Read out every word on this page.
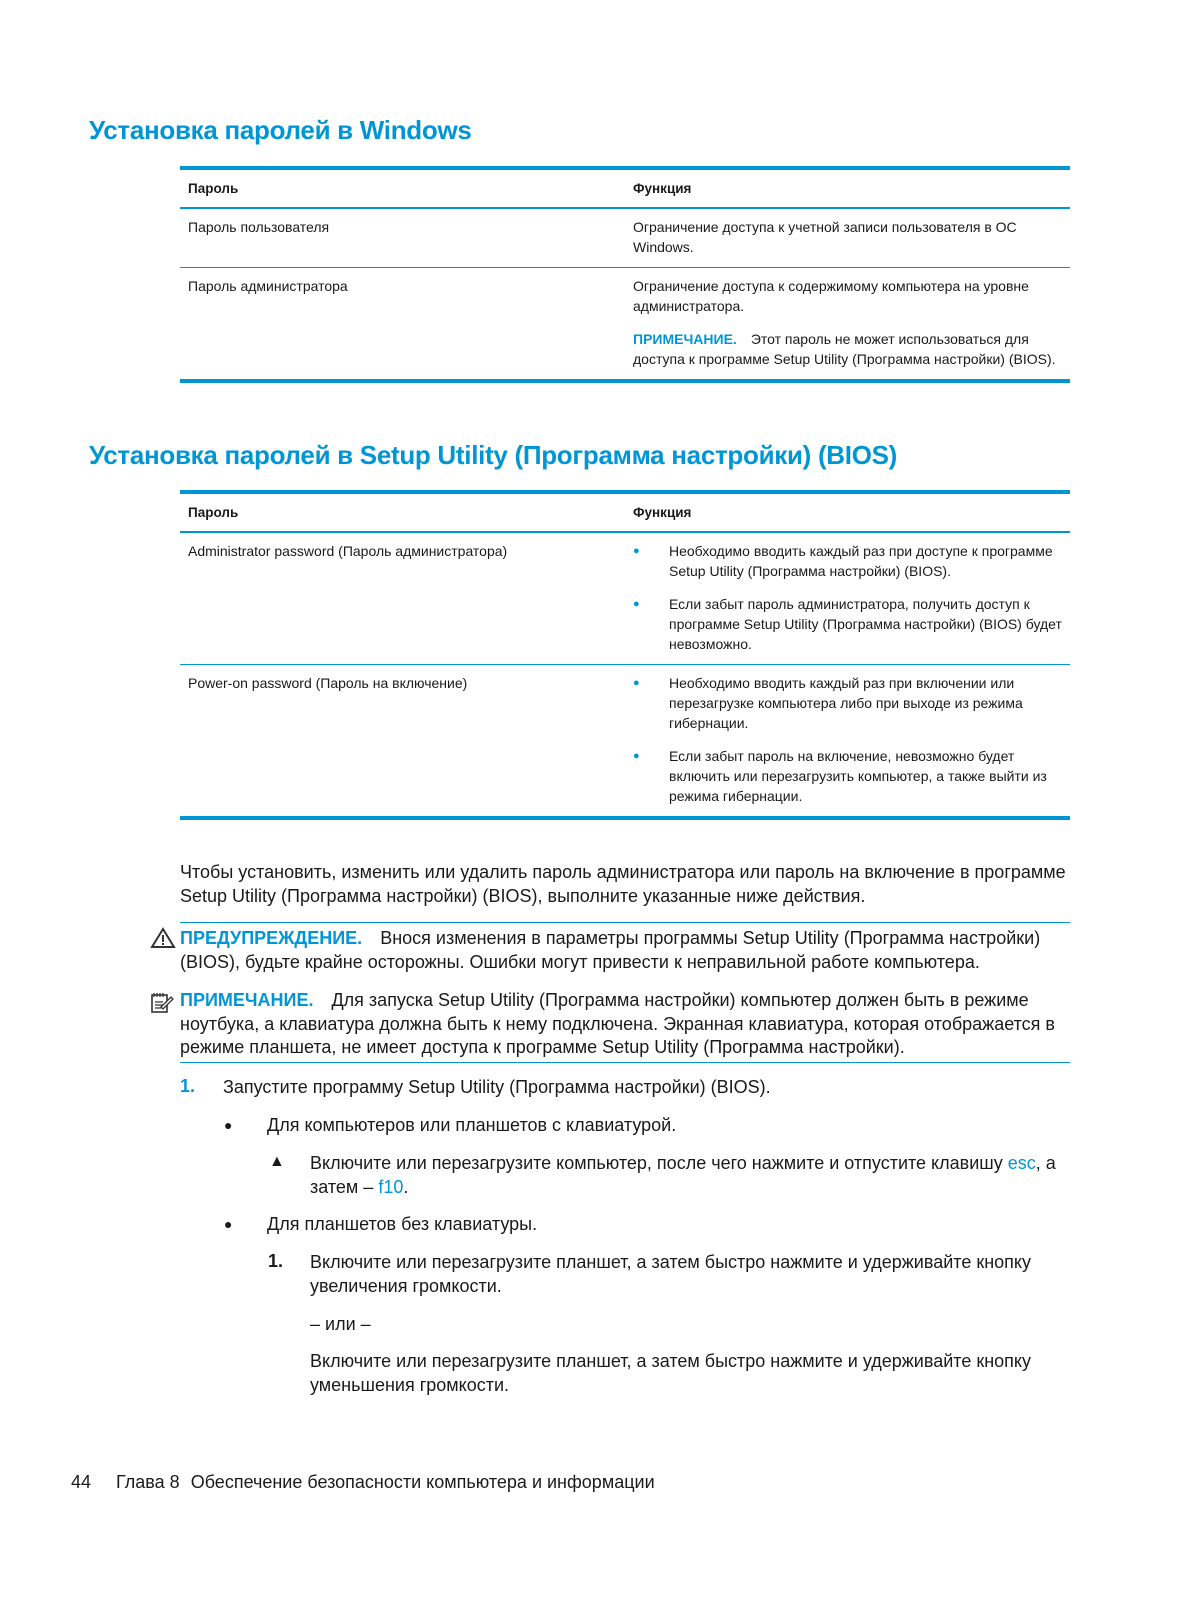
Установка паролей в Windows
Пароль	Функция
Пароль пользователя	Ограничение доступа к учетной записи пользователя в ОС Windows.
Пароль администратора	Ограничение доступа к содержимому компьютера на уровне администратора.
ПРИМЕЧАНИЕ. Этот пароль не может использоваться для доступа к программе Setup Utility (Программа настройки) (BIOS).
Установка паролей в Setup Utility (Программа настройки) (BIOS)
Пароль	Функция
Administrator password (Пароль администратора)	● Необходимо вводить каждый раз при доступе к программе Setup Utility (Программа настройки) (BIOS).
● Если забыт пароль администратора, получить доступ к программе Setup Utility (Программа настройки) (BIOS) будет невозможно.

Power-on password (Пароль на включение)	● Необходимо вводить каждый раз при включении или перезагрузке компьютера либо при выходе из режима гибернации.
● Если забыт пароль на включение, невозможно будет включить или перезагрузить компьютер, а также выйти из режима гибернации.

Чтобы установить, изменить или удалить пароль администратора или пароль на включение в программе Setup Utility (Программа настройки) (BIOS), выполните указанные ниже действия.

ПРЕДУПРЕЖДЕНИЕ. Внося изменения в параметры программы Setup Utility (Программа настройки) (BIOS), будьте крайне осторожны. Ошибки могут привести к неправильной работе компьютера.

ПРИМЕЧАНИЕ. Для запуска Setup Utility (Программа настройки) компьютер должен быть в режиме ноутбука, а клавиатура должна быть к нему подключена. Экранная клавиатура, которая отображается в режиме планшета, не имеет доступа к программе Setup Utility (Программа настройки).

1. Запустите программу Setup Utility (Программа настройки) (BIOS).

● Для компьютеров или планшетов с клавиатурой.

▲ Включите или перезагрузите компьютер, после чего нажмите и отпустите клавишу esc, а затем – f10.

● Для планшетов без клавиатуры.

1. Включите или перезагрузите планшет, а затем быстро нажмите и удерживайте кнопку увеличения громкости.

– или –

Включите или перезагрузите планшет, а затем быстро нажмите и удерживайте кнопку уменьшения громкости.

44 Глава 8 Обеспечение безопасности компьютера и информации
